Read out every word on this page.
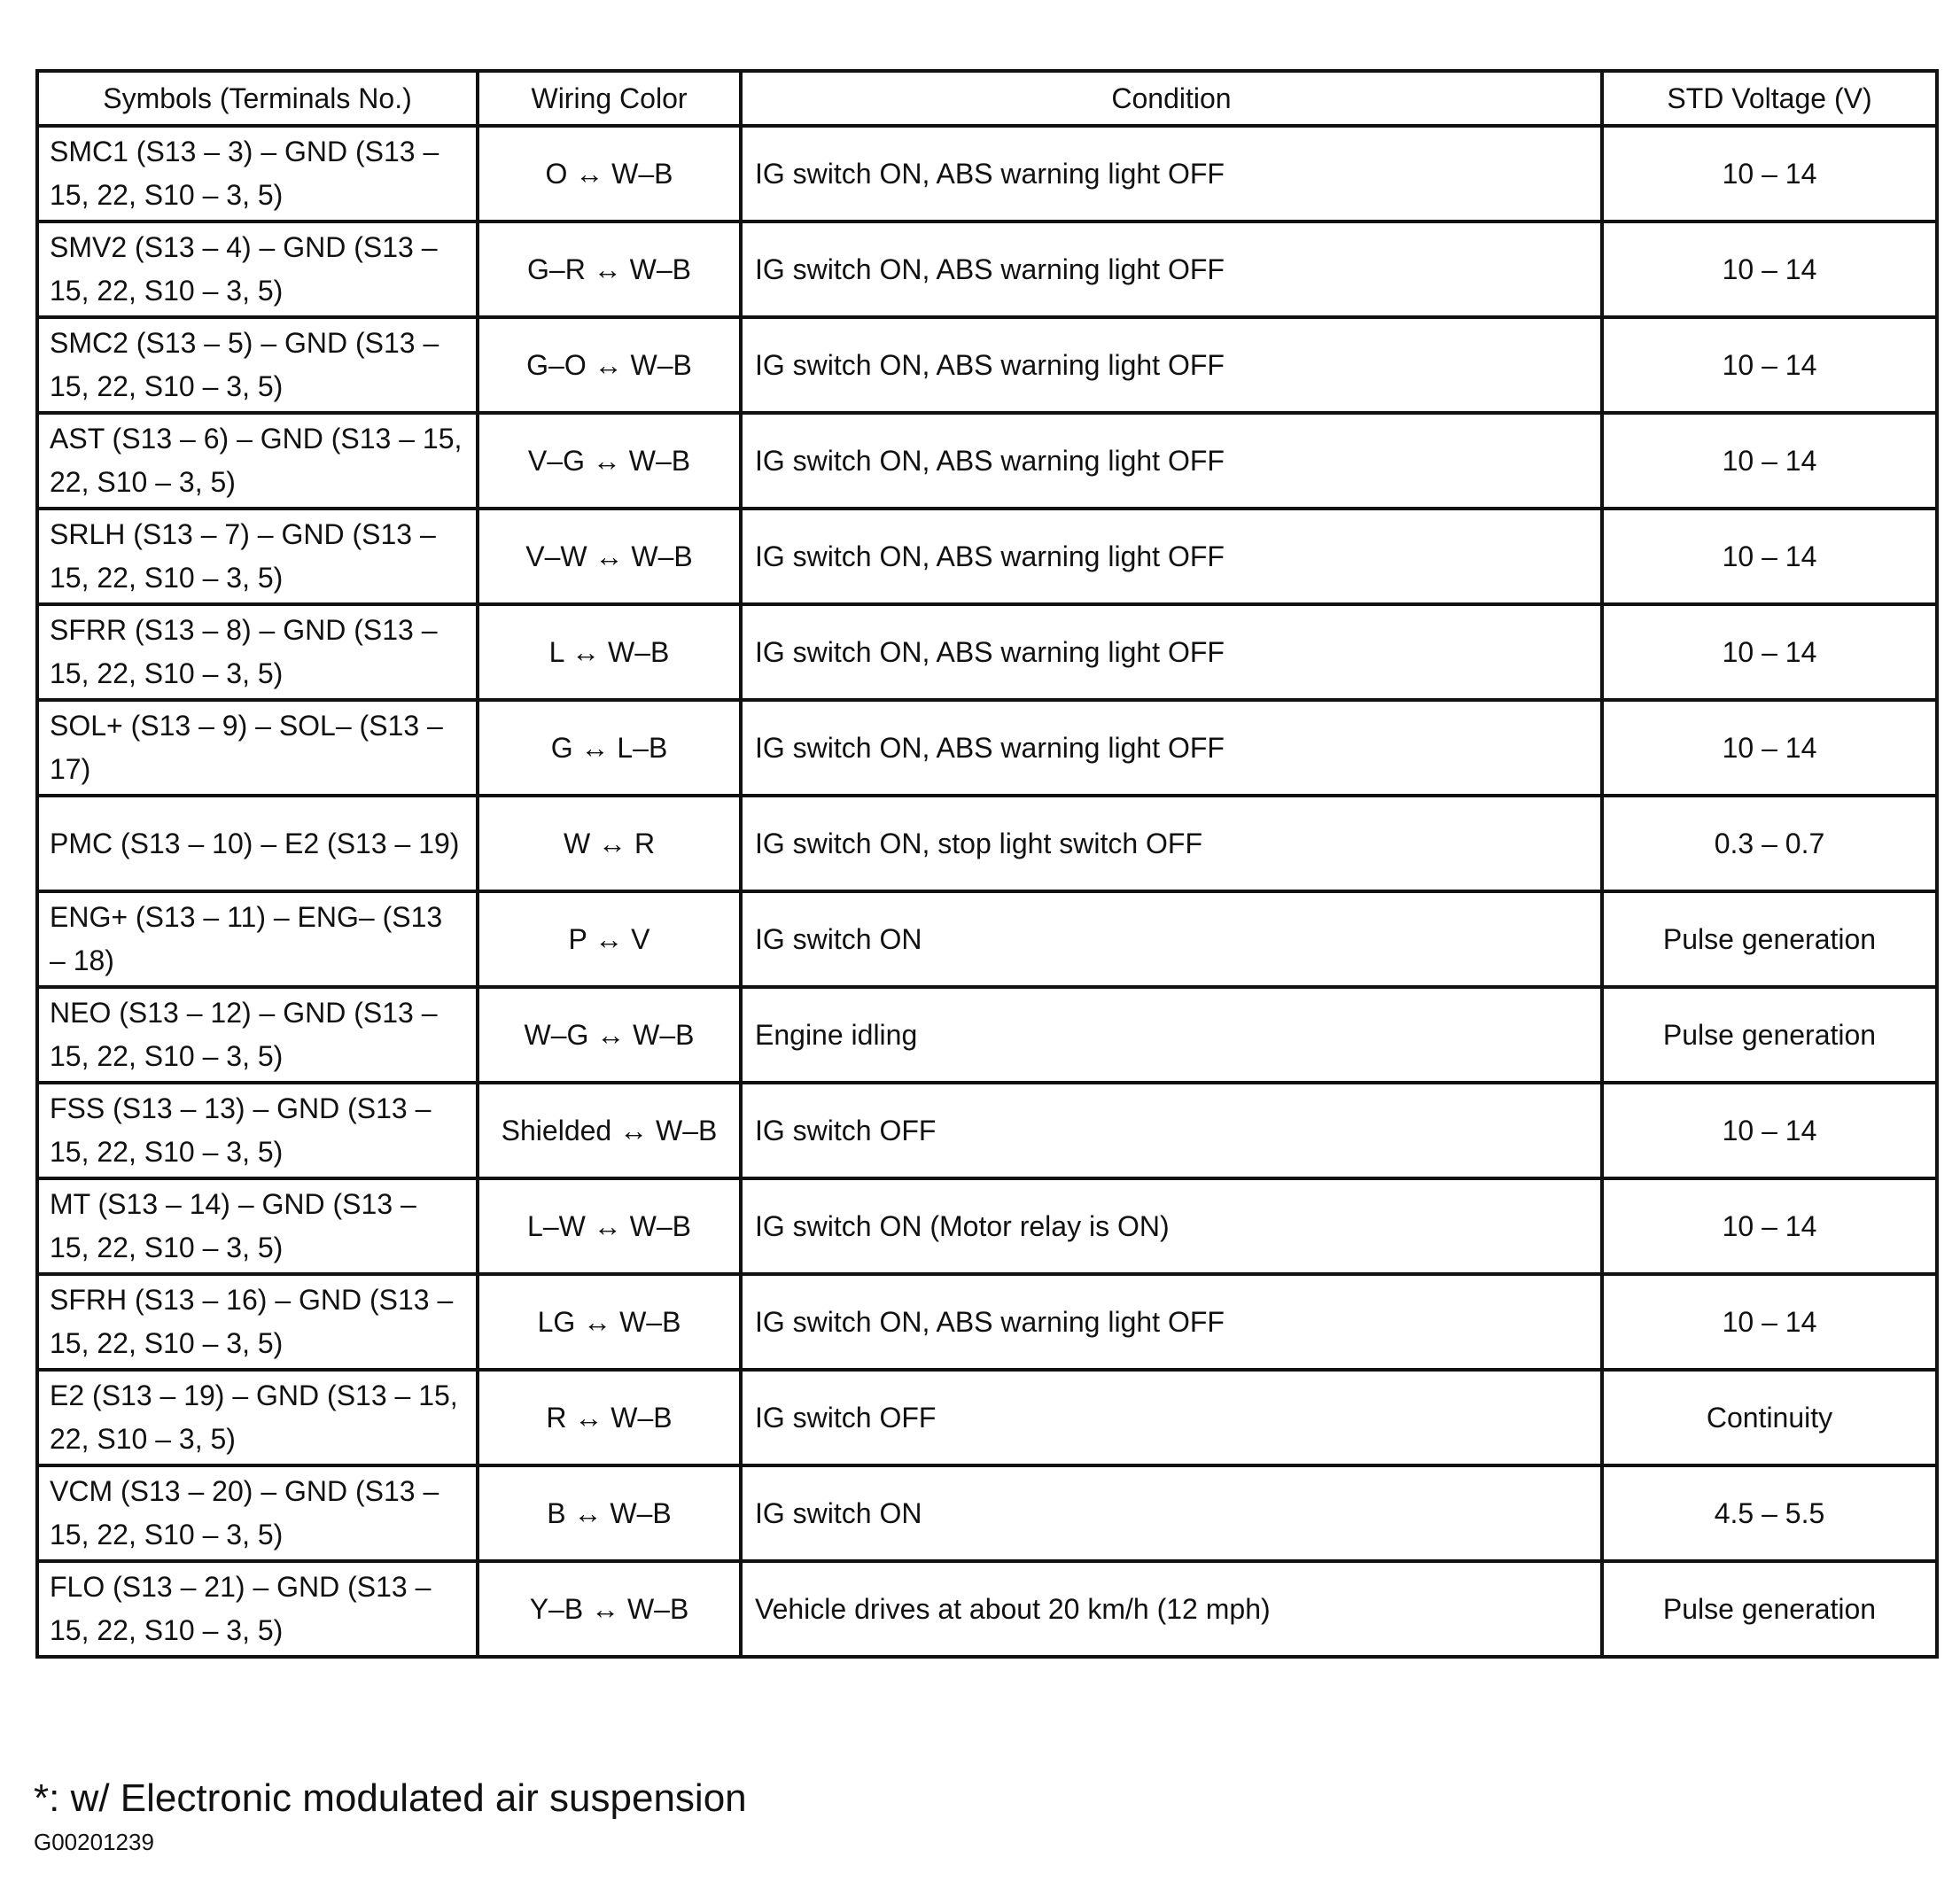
Symbols (Terminals No.)	Wiring Color	Condition	STD Voltage (V)
SMC1 (S13 – 3) – GND (S13 – 15, 22, S10 – 3, 5)	O ↔ W–B	IG switch ON, ABS warning light OFF	10 – 14
SMV2 (S13 – 4) – GND (S13 – 15, 22, S10 – 3, 5)	G–R ↔ W–B	IG switch ON, ABS warning light OFF	10 – 14
SMC2 (S13 – 5) – GND (S13 – 15, 22, S10 – 3, 5)	G–O ↔ W–B	IG switch ON, ABS warning light OFF	10 – 14
AST (S13 – 6) – GND (S13 – 15, 22, S10 – 3, 5)	V–G ↔ W–B	IG switch ON, ABS warning light OFF	10 – 14
SRLH (S13 – 7) – GND (S13 – 15, 22, S10 – 3, 5)	V–W ↔ W–B	IG switch ON, ABS warning light OFF	10 – 14
SFRR (S13 – 8) – GND (S13 – 15, 22, S10 – 3, 5)	L ↔ W–B	IG switch ON, ABS warning light OFF	10 – 14
SOL+ (S13 – 9) – SOL– (S13 – 17)	G ↔ L–B	IG switch ON, ABS warning light OFF	10 – 14
PMC (S13 – 10) – E2 (S13 – 19)	W ↔ R	IG switch ON, stop light switch OFF	0.3 – 0.7
ENG+ (S13 – 11) – ENG– (S13 – 18)	P ↔ V	IG switch ON	Pulse generation
NEO (S13 – 12) – GND (S13 – 15, 22, S10 – 3, 5)	W–G ↔ W–B	Engine idling	Pulse generation
FSS (S13 – 13) – GND (S13 – 15, 22, S10 – 3, 5)	Shielded ↔ W–B	IG switch OFF	10 – 14
MT (S13 – 14) – GND (S13 – 15, 22, S10 – 3, 5)	L–W ↔ W–B	IG switch ON (Motor relay is ON)	10 – 14
SFRH (S13 – 16) – GND (S13 – 15, 22, S10 – 3, 5)	LG ↔ W–B	IG switch ON, ABS warning light OFF	10 – 14
E2 (S13 – 19) – GND (S13 – 15, 22, S10 – 3, 5)	R ↔ W–B	IG switch OFF	Continuity
VCM (S13 – 20) – GND (S13 – 15, 22, S10 – 3, 5)	B ↔ W–B	IG switch ON	4.5 – 5.5
FLO (S13 – 21) – GND (S13 – 15, 22, S10 – 3, 5)	Y–B ↔ W–B	Vehicle drives at about 20 km/h (12 mph)	Pulse generation
*: w/ Electronic modulated air suspension
G00201239
